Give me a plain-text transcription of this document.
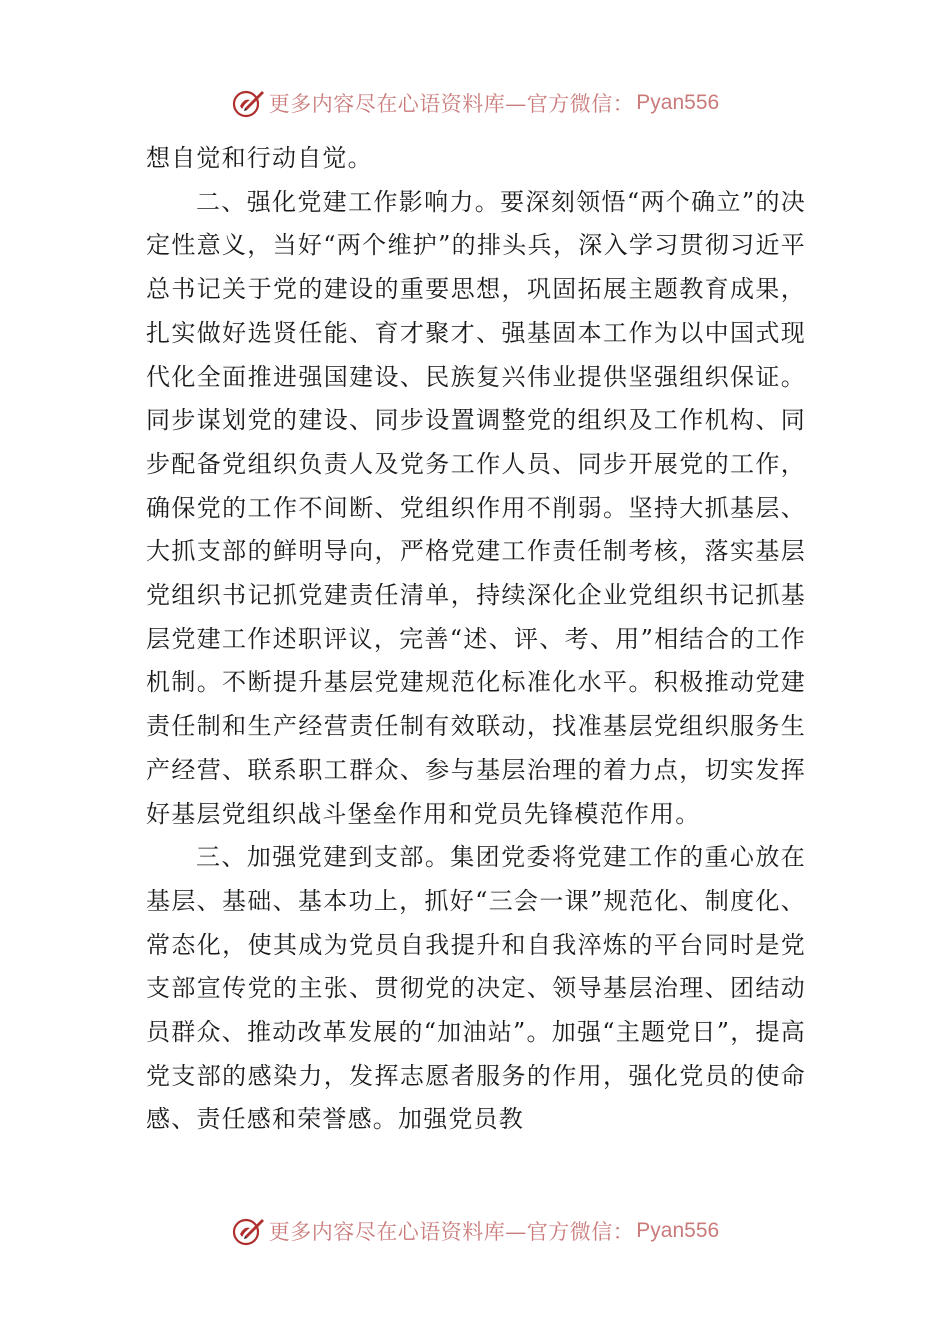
更多内容尽在心语资料库—官方微信： Pyan556

想自觉和行动自觉。

二、强化党建工作影响力。要深刻领悟“两个确立”的决定性意义，当好“两个维护”的排头兵，深入学习贯彻习近平总书记关于党的建设的重要思想，巩固拓展主题教育成果，扎实做好选贤任能、育才聚才、强基固本工作为以中国式现代化全面推进强国建设、民族复兴伟业提供坚强组织保证。同步谋划党的建设、同步设置调整党的组织及工作机构、同步配备党组织负责人及党务工作人员、同步开展党的工作，确保党的工作不间断、党组织作用不削弱。坚持大抓基层、大抓支部的鲜明导向，严格党建工作责任制考核，落实基层党组织书记抓党建责任清单，持续深化企业党组织书记抓基层党建工作述职评议，完善“述、评、考、用”相结合的工作机制。不断提升基层党建规范化标准化水平。积极推动党建责任制和生产经营责任制有效联动，找准基层党组织服务生产经营、联系职工群众、参与基层治理的着力点，切实发挥好基层党组织战斗堡垒作用和党员先锋模范作用。

三、加强党建到支部。集团党委将党建工作的重心放在基层、基础、基本功上，抓好“三会一课”规范化、制度化、常态化，使其成为党员自我提升和自我淬炼的平台同时是党支部宣传党的主张、贯彻党的决定、领导基层治理、团结动员群众、推动改革发展的“加油站”。加强“主题党日”，提高党支部的感染力，发挥志愿者服务的作用，强化党员的使命感、责任感和荣誉感。加强党员教

更多内容尽在心语资料库—官方微信： Pyan556
